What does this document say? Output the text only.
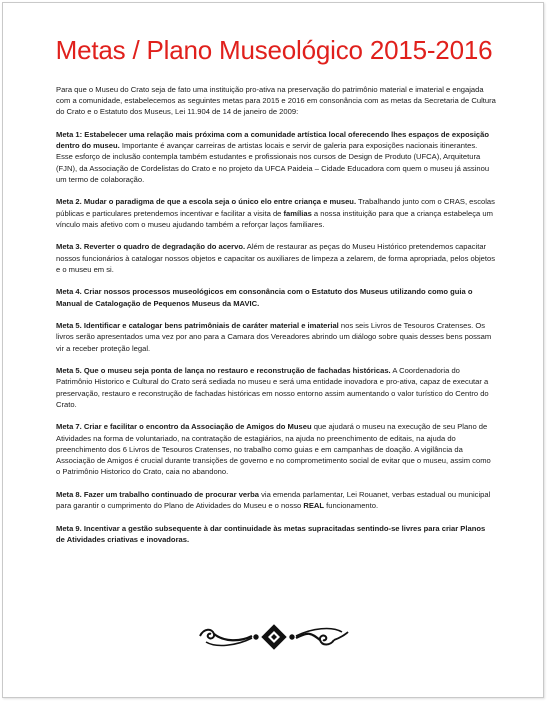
Metas / Plano Museológico 2015-2016

Para que o Museu do Crato seja de fato uma instituição pro-ativa na preservação do patrimônio material e imaterial e engajada com a comunidade, estabelecemos as seguintes metas para 2015 e 2016 em consonância com as metas da Secretaria de Cultura do Crato e o Estatuto dos Museus, Lei 11.904 de 14 de janeiro de 2009:

Meta 1: Estabelecer uma relação mais próxima com a comunidade artística local oferecendo lhes espaços de exposição dentro do museu. Importante é avançar carreiras de artistas locais e servir de galeria para exposições nacionais itinerantes. Esse esforço de inclusão contempla também estudantes e profissionais nos cursos de Design de Produto (UFCA), Arquitetura (FJN), da Associação de Cordelistas do Crato e no projeto da UFCA Paideia – Cidade Educadora com quem o museu já assinou um termo de colaboração.

Meta 2. Mudar o paradigma de que a escola seja o único elo entre criança e museu. Trabalhando junto com o CRAS, escolas públicas e particulares pretendemos incentivar e facilitar a visita de famílias a nossa instituição para que a criança estabeleça um vínculo mais afetivo com o museu ajudando também a reforçar laços familiares.

Meta 3. Reverter o quadro de degradação do acervo. Além de restaurar as peças do Museu Histórico pretendemos capacitar nossos funcionários à catalogar nossos objetos e capacitar os auxiliares de limpeza a zelarem, de forma apropriada, pelos objetos e o museu em si.

Meta 4. Criar nossos processos museológicos em consonância com o Estatuto dos Museus utilizando como guia o Manual de Catalogação de Pequenos Museus da MAVIC.

Meta 5. Identificar e catalogar bens patrimôniais de caráter material e imaterial nos seis Livros de Tesouros Cratenses. Os livros serão apresentados uma vez por ano para a Camara dos Vereadores abrindo um diálogo sobre quais desses bens possam vir a receber proteção legal.

Meta 5. Que o museu seja ponta de lança no restauro e reconstrução de fachadas históricas. A Coordenadoria do Patrimônio Historico e Cultural do Crato será sediada no museu e será uma entidade inovadora e pro-ativa, capaz de executar a preservação, restauro e reconstrução de fachadas históricas em nosso entorno assim aumentando o valor turístico do Centro do Crato.

Meta 7. Criar e facilitar o encontro da Associação de Amigos do Museu que ajudará o museu na execução de seu Plano de Atividades na forma de voluntariado, na contratação de estagiários, na ajuda no preenchimento de editais, na ajuda do preenchimento dos 6 Livros de Tesouros Cratenses, no trabalho como guias e em campanhas de doação. A vigilância da Associação de Amigos é crucial durante transições de governo e no comprometimento social de evitar que o museu, assim como o Patrimônio Historico do Crato, caia no abandono.

Meta 8. Fazer um trabalho continuado de procurar verba via emenda parlamentar, Lei Rouanet, verbas estadual ou municipal para garantir o cumprimento do Plano de Atividades do Museu e o nosso REAL funcionamento.

Meta 9. Incentivar a gestão subsequente à dar continuidade às metas supracitadas sentindo-se livres para criar Planos de Atividades criativas e inovadoras.
